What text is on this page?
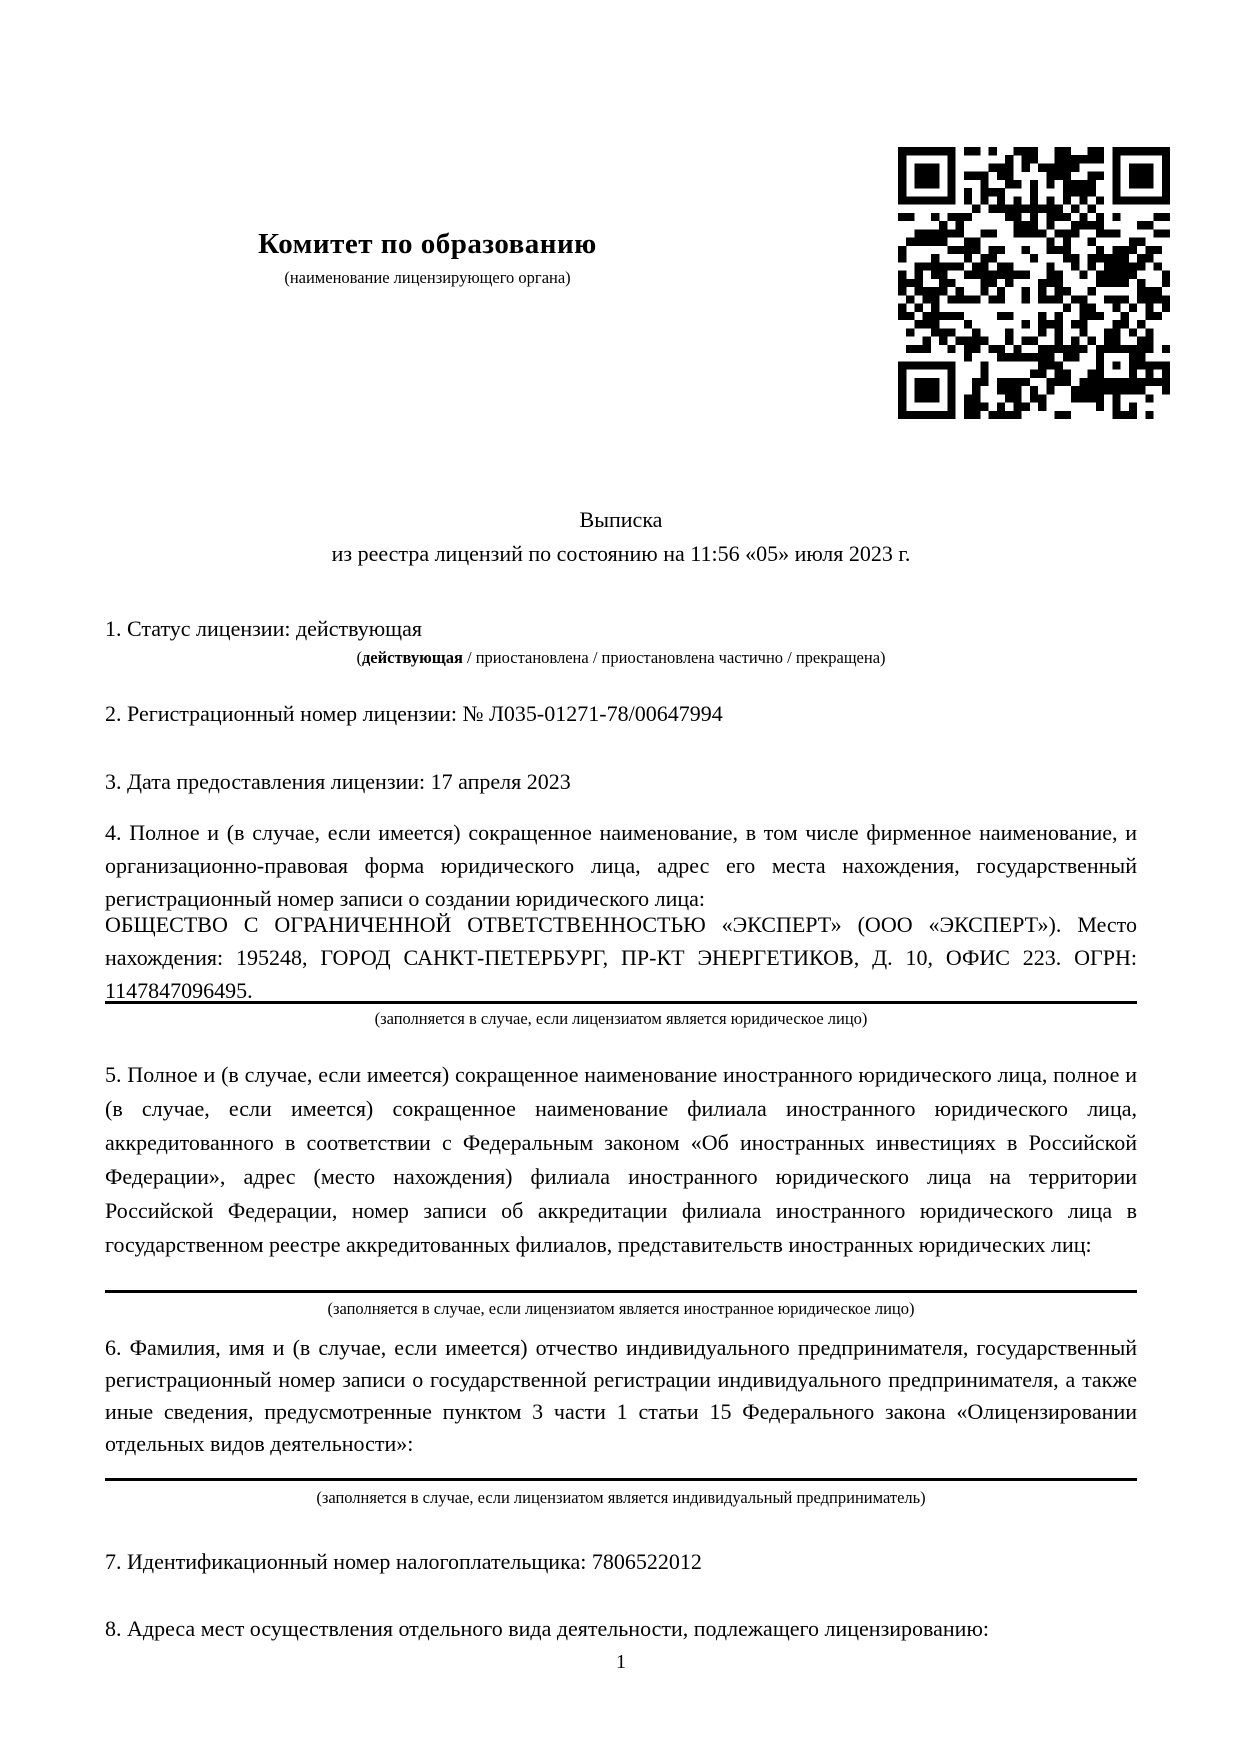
Комитет по образованию
(наименование лицензирующего органа)
Выписка
из реестра лицензий по состоянию на 11:56 «05» июля 2023 г.
1. Статус лицензии: действующая
(действующая / приостановлена / приостановлена частично / прекращена)
2. Регистрационный номер лицензии: № Л035-01271-78/00647994
3. Дата предоставления лицензии: 17 апреля 2023
4. Полное и (в случае, если имеется) сокращенное наименование, в том числе фирменное наименование, и организационно-правовая форма юридического лица, адрес его места нахождения, государственный регистрационный номер записи о создании юридического лица:
ОБЩЕСТВО С ОГРАНИЧЕННОЙ ОТВЕТСТВЕННОСТЬЮ «ЭКСПЕРТ» (ООО «ЭКСПЕРТ»). Место нахождения: 195248, ГОРОД САНКТ-ПЕТЕРБУРГ, ПР-КТ ЭНЕРГЕТИКОВ, Д. 10, ОФИС 223. ОГРН: 1147847096495.
(заполняется в случае, если лицензиатом является юридическое лицо)
5. Полное и (в случае, если имеется) сокращенное наименование иностранного юридического лица, полное и (в случае, если имеется) сокращенное наименование филиала иностранного юридического лица, аккредитованного в соответствии с Федеральным законом «Об иностранных инвестициях в Российской Федерации», адрес (место нахождения) филиала иностранного юридического лица на территории Российской Федерации, номер записи об аккредитации филиала иностранного юридического лица в государственном реестре аккредитованных филиалов, представительств иностранных юридических лиц:
(заполняется в случае, если лицензиатом является иностранное юридическое лицо)
6. Фамилия, имя и (в случае, если имеется) отчество индивидуального предпринимателя, государственный регистрационный номер записи о государственной регистрации индивидуального предпринимателя, а также иные сведения, предусмотренные пунктом 3 части 1 статьи 15 Федерального закона «Олицензировании отдельных видов деятельности»:
(заполняется в случае, если лицензиатом является индивидуальный предприниматель)
7. Идентификационный номер налогоплательщика: 7806522012
8. Адреса мест осуществления отдельного вида деятельности, подлежащего лицензированию:
1
